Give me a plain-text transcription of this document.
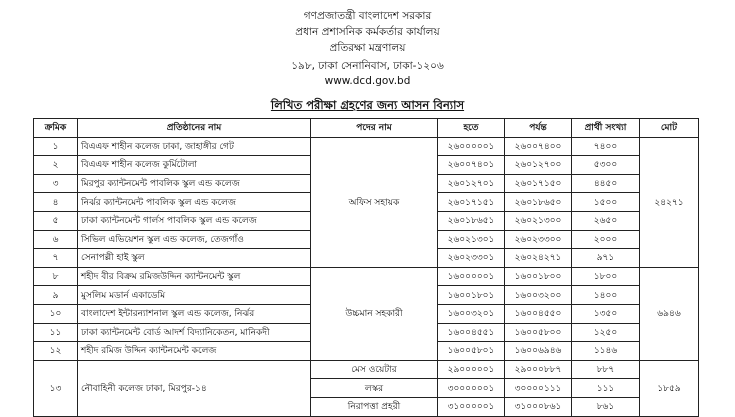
গণপ্রজাতন্ত্রী বাংলাদেশ সরকার
প্রধান প্রশাসনিক কর্মকর্তার কার্যালয়
প্রতিরক্ষা মন্ত্রণালয়
১৯৮, ঢাকা সেনানিবাস, ঢাকা-১২০৬
www.dcd.gov.bd
লিখিত পরীক্ষা গ্রহণের জন্য আসন বিন্যাস
ক্রমিক	প্রতিষ্ঠানের নাম	পদের নাম	হতে	পর্যন্ত	প্রার্থী সংখ্যা	মোট
১	বিএএফ শাহীন কলেজ ঢাকা, জাহাঙ্গীর গেট	অফিস সহায়ক	২৬০০০০০১	২৬০০৭৪০০	৭৪০০	২৪২৭১
২	বিএএফ শাহীন কলেজ কুর্মিটোলা		২৬০০৭৪০১	২৬০১২৭০০	৫৩০০	
৩	মিরপুর ক্যান্টনমেন্ট পাবলিক স্কুল এন্ড কলেজ		২৬০১২৭০১	২৬০১৭১৫০	৪৪৫০	
৪	নির্ঝর ক্যান্টনমেন্ট পাবলিক স্কুল এন্ড কলেজ		২৬০১৭১৫১	২৬০১৮৬৫০	১৫০০	
৫	ঢাকা ক্যান্টনমেন্ট গার্লস পাবলিক স্কুল এন্ড কলেজ		২৬০১৮৬৫১	২৬০২১৩০০	২৬৫০	
৬	সিভিল এভিয়েশন স্কুল এন্ড কলেজ, তেজগাঁও		২৬০২১৩০১	২৬০২৩৩০০	২০০০	
৭	সেনাপল্লী হাই স্কুল		২৬০২৩৩০১	২৬০২৪২৭১	৯৭১	
৮	শহীদ বীর বিক্রম রমিজউদ্দিন ক্যান্টনমেন্ট স্কুল	উচ্চমান সহকারী	১৬০০০০০১	১৬০০১৮০০	১৮০০	৬৯৪৬
৯	মুসলিম মডার্ন একাডেমি		১৬০০১৮০১	১৬০০৩২০০	১৪০০	
১০	বাংলাদেশ ইন্টারন্যাশনাল স্কুল এন্ড কলেজ, নির্ঝর		১৬০০৩২০১	১৬০০৪৫৫০	১৩৫০	
১১	ঢাকা ক্যান্টনমেন্ট বোর্ড আদর্শ বিদ্যানিকেতন, মানিকদী		১৬০০৪৫৫১	১৬০০৫৮০০	১২৫০	
১২	শহীদ রমিজ উদ্দিন ক্যান্টনমেন্ট কলেজ		১৬০০৫৮০১	১৬০০৬৯৪৬	১১৪৬	
১৩	নৌবাহিনী কলেজ ঢাকা, মিরপুর-১৪	মেস ওয়েটার	২৯০০০০০১	২৯০০০৮৮৭	৮৮৭	১৮৫৯
		লস্কর	৩০০০০০০১	৩০০০০১১১	১১১	
		নিরাপত্তা প্রহরী	৩১০০০০০১	৩১০০০৮৬১	৮৬১	
